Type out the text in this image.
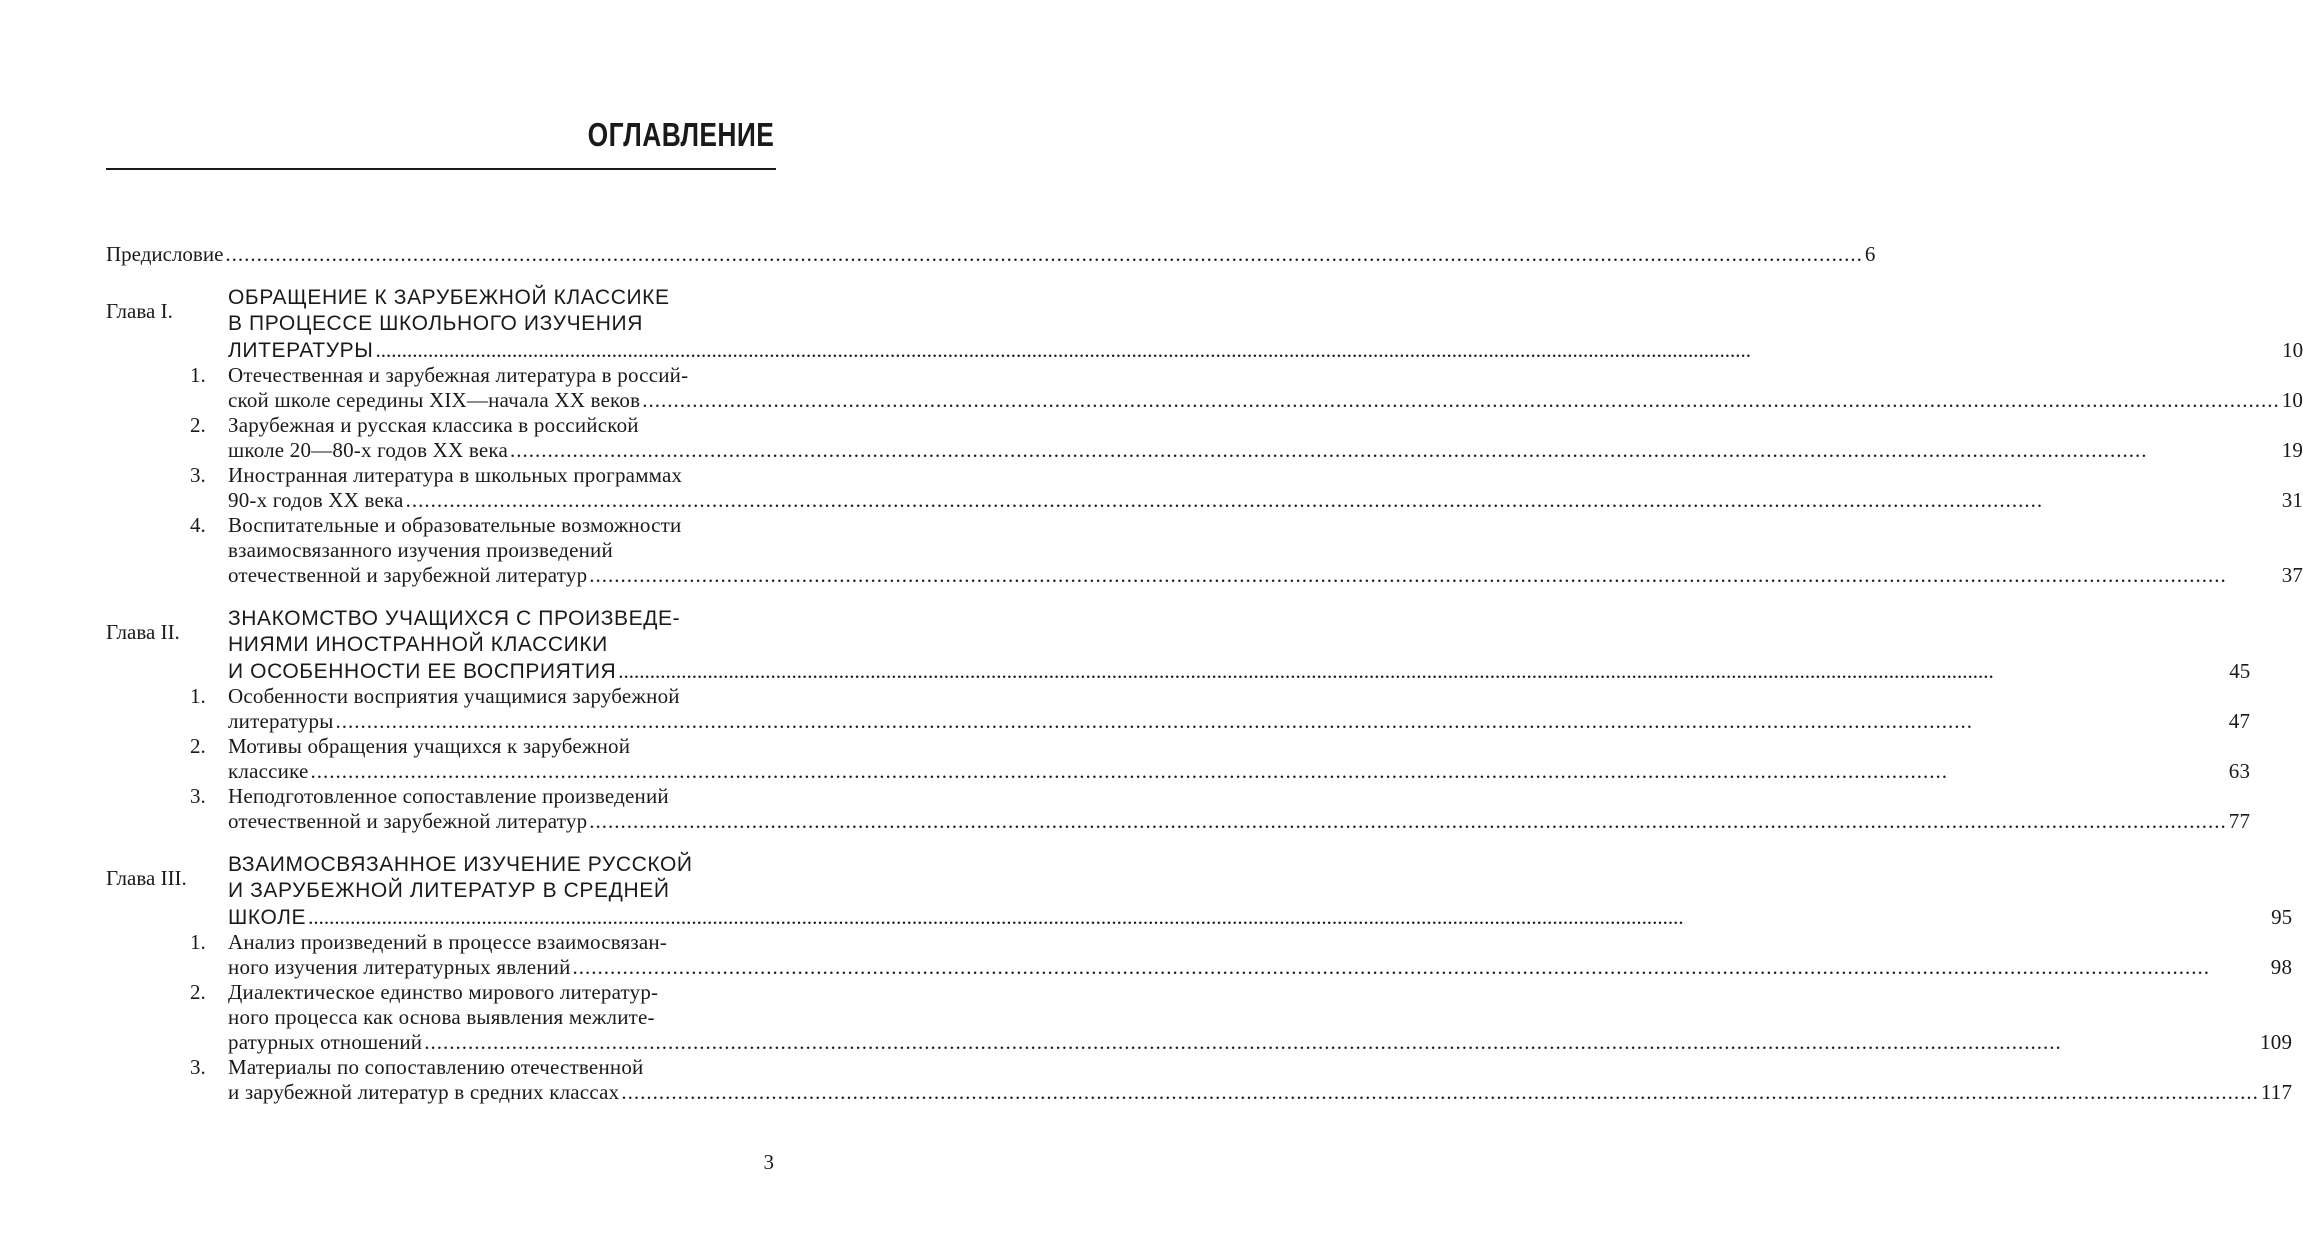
ОГЛАВЛЕНИЕ
Предисловие .....	6
Глава I.
ОБРАЩЕНИЕ К ЗАРУБЕЖНОЙ КЛАССИКЕ
В ПРОЦЕССЕ ШКОЛЬНОГО ИЗУЧЕНИЯ
ЛИТЕРАТУРЫ .....	10
1.	Отечественная и зарубежная литература в россий-
ской школе середины XIX—начала XX веков .....	10
2.	Зарубежная и русская классика в российской
школе 20—80-х годов XX века .....	19
3.	Иностранная литература в школьных программах
90-х годов XX века .....	31
4.	Воспитательные и образовательные возможности
взаимосвязанного изучения произведений
отечественной и зарубежной литератур .....	37
Глава II.
ЗНАКОМСТВО УЧАЩИХСЯ С ПРОИЗВЕДЕ-
НИЯМИ ИНОСТРАННОЙ КЛАССИКИ
И ОСОБЕННОСТИ ЕЕ ВОСПРИЯТИЯ .....	45
1.	Особенности восприятия учащимися зарубежной
литературы .....	47
2.	Мотивы обращения учащихся к зарубежной
классике .....	63
3.	Неподготовленное сопоставление произведений
отечественной и зарубежной литератур .....	77
Глава III.
ВЗАИМОСВЯЗАННОЕ ИЗУЧЕНИЕ РУССКОЙ
И ЗАРУБЕЖНОЙ ЛИТЕРАТУР В СРЕДНЕЙ
ШКОЛЕ .....	95
1.	Анализ произведений в процессе взаимосвязан-
ного изучения литературных явлений .....	98
2.	Диалектическое единство мирового литератур-
ного процесса как основа выявления межлите-
ратурных отношений .....	109
3.	Материалы по сопоставлению отечественной
и зарубежной литератур в средних классах .....	117
3
